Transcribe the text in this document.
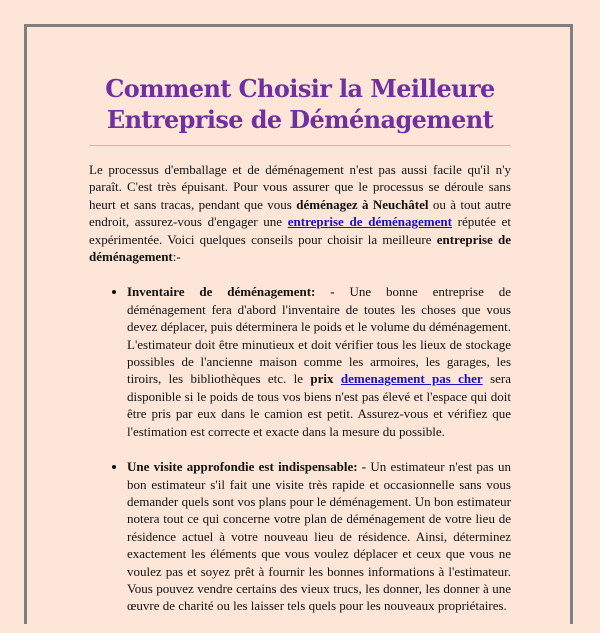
Comment Choisir la Meilleure Entreprise de Déménagement

Le processus d'emballage et de déménagement n'est pas aussi facile qu'il n'y paraît. C'est très épuisant. Pour vous assurer que le processus se déroule sans heurt et sans tracas, pendant que vous déménagez à Neuchâtel ou à tout autre endroit, assurez-vous d'engager une entreprise de déménagement réputée et expérimentée. Voici quelques conseils pour choisir la meilleure entreprise de déménagement:-

• Inventaire de déménagement: - Une bonne entreprise de déménagement fera d'abord l'inventaire de toutes les choses que vous devez déplacer, puis déterminera le poids et le volume du déménagement. L'estimateur doit être minutieux et doit vérifier tous les lieux de stockage possibles de l'ancienne maison comme les armoires, les garages, les tiroirs, les bibliothèques etc. le prix demenagement pas cher sera disponible si le poids de tous vos biens n'est pas élevé et l'espace qui doit être pris par eux dans le camion est petit. Assurez-vous et vérifiez que l'estimation est correcte et exacte dans la mesure du possible.
• Une visite approfondie est indispensable: - Un estimateur n'est pas un bon estimateur s'il fait une visite très rapide et occasionnelle sans vous demander quels sont vos plans pour le déménagement. Un bon estimateur notera tout ce qui concerne votre plan de déménagement de votre lieu de résidence actuel à votre nouveau lieu de résidence. Ainsi, déterminez exactement les éléments que vous voulez déplacer et ceux que vous ne voulez pas et soyez prêt à fournir les bonnes informations à l'estimateur. Vous pouvez vendre certains des vieux trucs, les donner, les donner à une œuvre de charité ou les laisser tels quels pour les nouveaux propriétaires.
